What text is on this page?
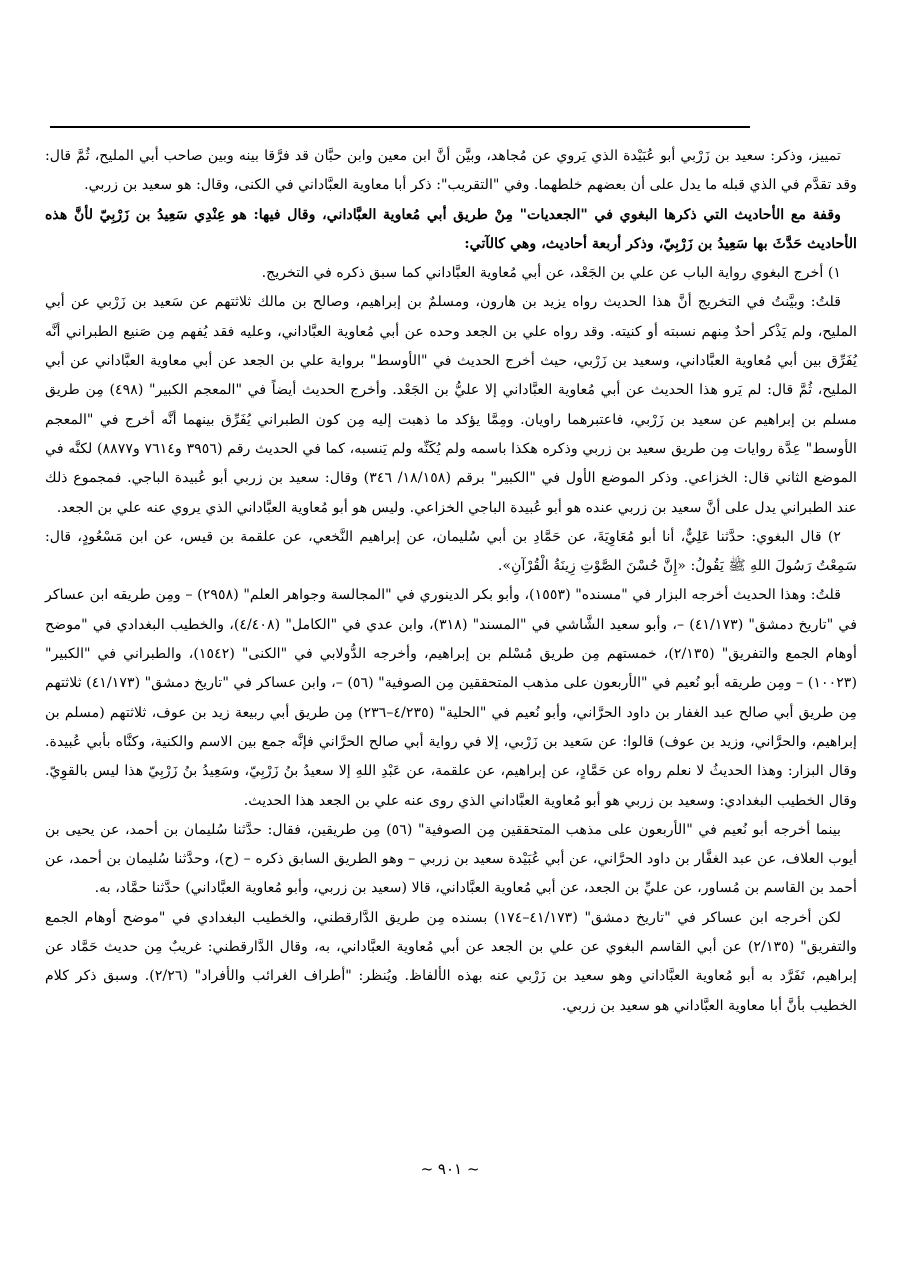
تمييز، وذكر: سعيد بن زَرْبي أبو عُبَيْدة الذي يَروي عن مُجاهد، وبيَّن أنَّ ابن معين وابن حبَّان قد فرَّقا بينه وبين صاحب أبي المليح، ثُمَّ قال: وقد تقدَّم في الذي قبله ما يدل على أن بعضهم خلطهما. وفي "التقريب": ذكر أبا معاوية العبَّاداني في الكنى، وقال: هو سعيد بن زربي.

وقفة مع الأحاديث التي ذكرها البغوي في "الجعديات" مِنْ طريق أبي مُعاوية العبَّاداني، وقال فيها: هو عِنْدِي سَعِيدُ بن زَرْبِيّ لأنَّ هذه الأحاديث حَدَّثَ بها سَعِيدُ بن زَرْبِيّ، وذكر أربعة أحاديث، وهي كالآتي:

١) أخرج البغوي رواية الباب عن علي بن الجَعْد، عن أبي مُعاوية العبَّاداني كما سبق ذكره في التخريج.

قلتُ: وبيَّنتُ في التخريج أنَّ هذا الحديث رواه يزيد بن هارون، ومسلمٌ بن إبراهيم، وصالح بن مالك ثلاثتهم عن سَعيد بن زَرْبي عن أبي المليح، ولم يَذْكر أحدٌ مِنهم نسبته أو كنيته. وقد رواه علي بن الجعد وحده عن أبي مُعاوية العبَّاداني، وعليه فقد يُفهم مِن صَنيع الطبراني أنَّه يُفَرِّق بين أبي مُعاوية العبَّاداني، وسعيد بن زَرْبي، حيث أخرج الحديث في "الأوسط" برواية علي بن الجعد عن أبي معاوية العبَّاداني عن أبي المليح، ثُمَّ قال: لم يَرو هذا الحديث عن أبي مُعاوية العبَّاداني إلا عليُّ بن الجَعْد. وأخرج الحديث أيضاً في "المعجم الكبير" (٤٩٨) مِن طريق مسلم بن إبراهيم عن سعيد بن زَرْبي، فاعتبرهما راويان. ومِمَّا يؤكد ما ذهبت إليه مِن كون الطبراني يُفَرِّق بينهما أنَّه أخرج في "المعجم الأوسط" عِدَّة روايات مِن طريق سعيد بن زربي وذكره هكذا باسمه ولم يُكَنِّه ولم يَنسبه، كما في الحديث رقم (٣٩٥٦ و٧٦١٤ و٨٨٧٧) لكنَّه في الموضع الثاني قال: الخزاعي. وذكر الموضع الأول في "الكبير" برقم (١٨/١٥٨/ ٣٤٦) وقال: سعيد بن زربي أبو عُبيدة الباجي. فمجموع ذلك عند الطبراني يدل على أنَّ سعيد بن زربي عنده هو أبو عُبيدة الباجي الخزاعي. وليس هو أبو مُعاوية العبَّاداني الذي يروي عنه علي بن الجعد.

٢) قال البغوي: حدَّثنا عَلِيٌّ، أنا أبو مُعَاوِيَةَ، عن حَمَّادِ بن أبي سُليمان، عن إبراهيم النَّخعي، عن علقمة بن قيس، عن ابن مَسْعُودٍ، قال: سَمِعْتُ رَسُولَ اللهِ ﷺ يَقُولُ: «إِنَّ حُسْنَ الصَّوْتِ زِينَةُ الْقُرْآنِ».

قلتُ: وهذا الحديث أخرجه البزار في "مسنده" (١٥٥٣)، وأبو بكر الدينوري في "المجالسة وجواهر العلم" (٢٩٥٨) – ومِن طريقه ابن عساكر في "تاريخ دمشق" (٤١/١٧٣) –، وأبو سعيد الشَّاشي في "المسند" (٣١٨)، وابن عدي في "الكامل" (٤/٤٠٨)، والخطيب البغدادي في "موضح أوهام الجمع والتفريق" (٢/١٣٥)، خمستهم مِن طريق مُسْلم بن إبراهيم، وأخرجه الدُّولابي في "الكنى" (١٥٤٢)، والطبراني في "الكبير" (١٠٠٢٣) – ومِن طريقه أبو نُعيم في "الأربعون على مذهب المتحققين مِن الصوفية" (٥٦) –، وابن عساكر في "تاريخ دمشق" (٤١/١٧٣) ثلاثتهم مِن طريق أبي صالح عبد الغفار بن داود الحرَّاني، وأبو نُعيم في "الحلية" (٤/٢٣٥–٢٣٦) مِن طريق أبي ربيعة زيد بن عوف، ثلاثتهم (مسلم بن إبراهيم، والحرَّاني، وزيد بن عوف) قالوا: عن سَعيد بن زَرْبي، إلا في رواية أبي صالح الحرَّاني فإنَّه جمع بين الاسم والكنية، وكنَّاه بأبي عُبيدة. وقال البزار: وهذا الحديثُ لا نعلم رواه عن حَمَّادٍ، عن إبراهيم، عن علقمة، عن عَبْدِ اللهِ إلا سعيدُ بنُ زَرْبِيّ، وسَعِيدُ بنُ زَرْبِيّ هذا ليس بالقوِيّ. وقال الخطيب البغدادي: وسعيد بن زربي هو أبو مُعاوية العبَّاداني الذي روى عنه علي بن الجعد هذا الحديث.

بينما أخرجه أبو نُعيم في "الأربعون على مذهب المتحققين مِن الصوفية" (٥٦) مِن طريقين، فقال: حدَّثنا سُليمان بن أحمد، عن يحيى بن أيوب العلاف، عن عبد الغفَّار بن داود الحرَّاني، عن أبي عُبَيْدة سعيد بن زربي – وهو الطريق السابق ذكره – (ح)، وحدَّثنا سُليمان بن أحمد، عن أحمد بن القاسم بن مُساور، عن عليِّ بن الجعد، عن أبي مُعاوية العبَّاداني، قالا (سعيد بن زربي، وأبو مُعاوية العبَّاداني) حدَّثنا حمَّاد، به.

لكن أخرجه ابن عساكر في "تاريخ دمشق" (٤١/١٧٣–١٧٤) بسنده مِن طريق الدَّارقطني، والخطيب البغدادي في "موضح أوهام الجمع والتفريق" (٢/١٣٥) عن أبي القاسم البغوي عن علي بن الجعد عن أبي مُعاوية العبَّاداني، به، وقال الدَّارقطني: غريبٌ مِن حديث حَمَّاد عن إبراهيم، تَفَرَّد به أبو مُعاوية العبَّاداني وهو سعيد بن زَرْبي عنه بهذه الألفاظ. ويُنظر: "أطراف الغرائب والأفراد" (٢/٢٦). وسبق ذكر كلام الخطيب بأنَّ أبا معاوية العبَّاداني هو سعيد بن زربي.

~ ٩٠١ ~
